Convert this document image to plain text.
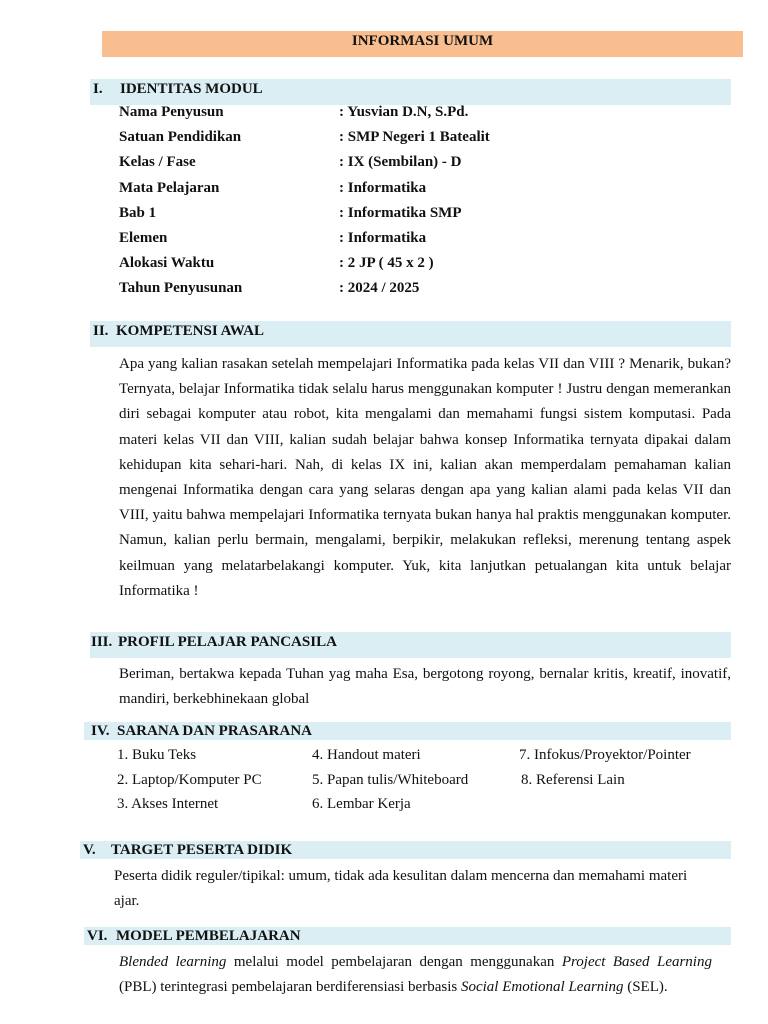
INFORMASI UMUM
I. IDENTITAS MODUL
Nama Penyusun	: Yusvian D.N, S.Pd.
Satuan Pendidikan	: SMP Negeri 1 Batealit
Kelas / Fase	: IX (Sembilan) - D
Mata Pelajaran	: Informatika
Bab 1	: Informatika SMP
Elemen	: Informatika
Alokasi Waktu	: 2 JP ( 45 x 2 )
Tahun Penyusunan	: 2024 / 2025
II. KOMPETENSI AWAL
Apa yang kalian rasakan setelah mempelajari Informatika pada kelas VII dan VIII ? Menarik, bukan? Ternyata, belajar Informatika tidak selalu harus menggunakan komputer ! Justru dengan memerankan diri sebagai komputer atau robot, kita mengalami dan memahami fungsi sistem komputasi. Pada materi kelas VII dan VIII, kalian sudah belajar bahwa konsep Informatika ternyata dipakai dalam kehidupan kita sehari-hari. Nah, di kelas IX ini, kalian akan memperdalam pemahaman kalian mengenai Informatika dengan cara yang selaras dengan apa yang kalian alami pada kelas VII dan VIII, yaitu bahwa mempelajari Informatika ternyata bukan hanya hal praktis menggunakan komputer. Namun, kalian perlu bermain, mengalami, berpikir, melakukan refleksi, merenung tentang aspek keilmuan yang melatarbelakangi komputer. Yuk, kita lanjutkan petualangan kita untuk belajar Informatika !
III. PROFIL PELAJAR PANCASILA
Beriman, bertakwa kepada Tuhan yag maha Esa, bergotong royong, bernalar kritis, kreatif, inovatif, mandiri, berkebhinekaan global
IV. SARANA DAN PRASARANA
1. Buku Teks
2. Laptop/Komputer PC
3. Akses Internet
4. Handout materi
5. Papan tulis/Whiteboard
6. Lembar Kerja
7. Infokus/Proyektor/Pointer
8. Referensi Lain
V. TARGET PESERTA DIDIK
Peserta didik reguler/tipikal: umum, tidak ada kesulitan dalam mencerna dan memahami materi ajar.
VI. MODEL PEMBELAJARAN
Blended learning melalui model pembelajaran dengan menggunakan Project Based Learning (PBL) terintegrasi pembelajaran berdiferensiasi berbasis Social Emotional Learning (SEL).
